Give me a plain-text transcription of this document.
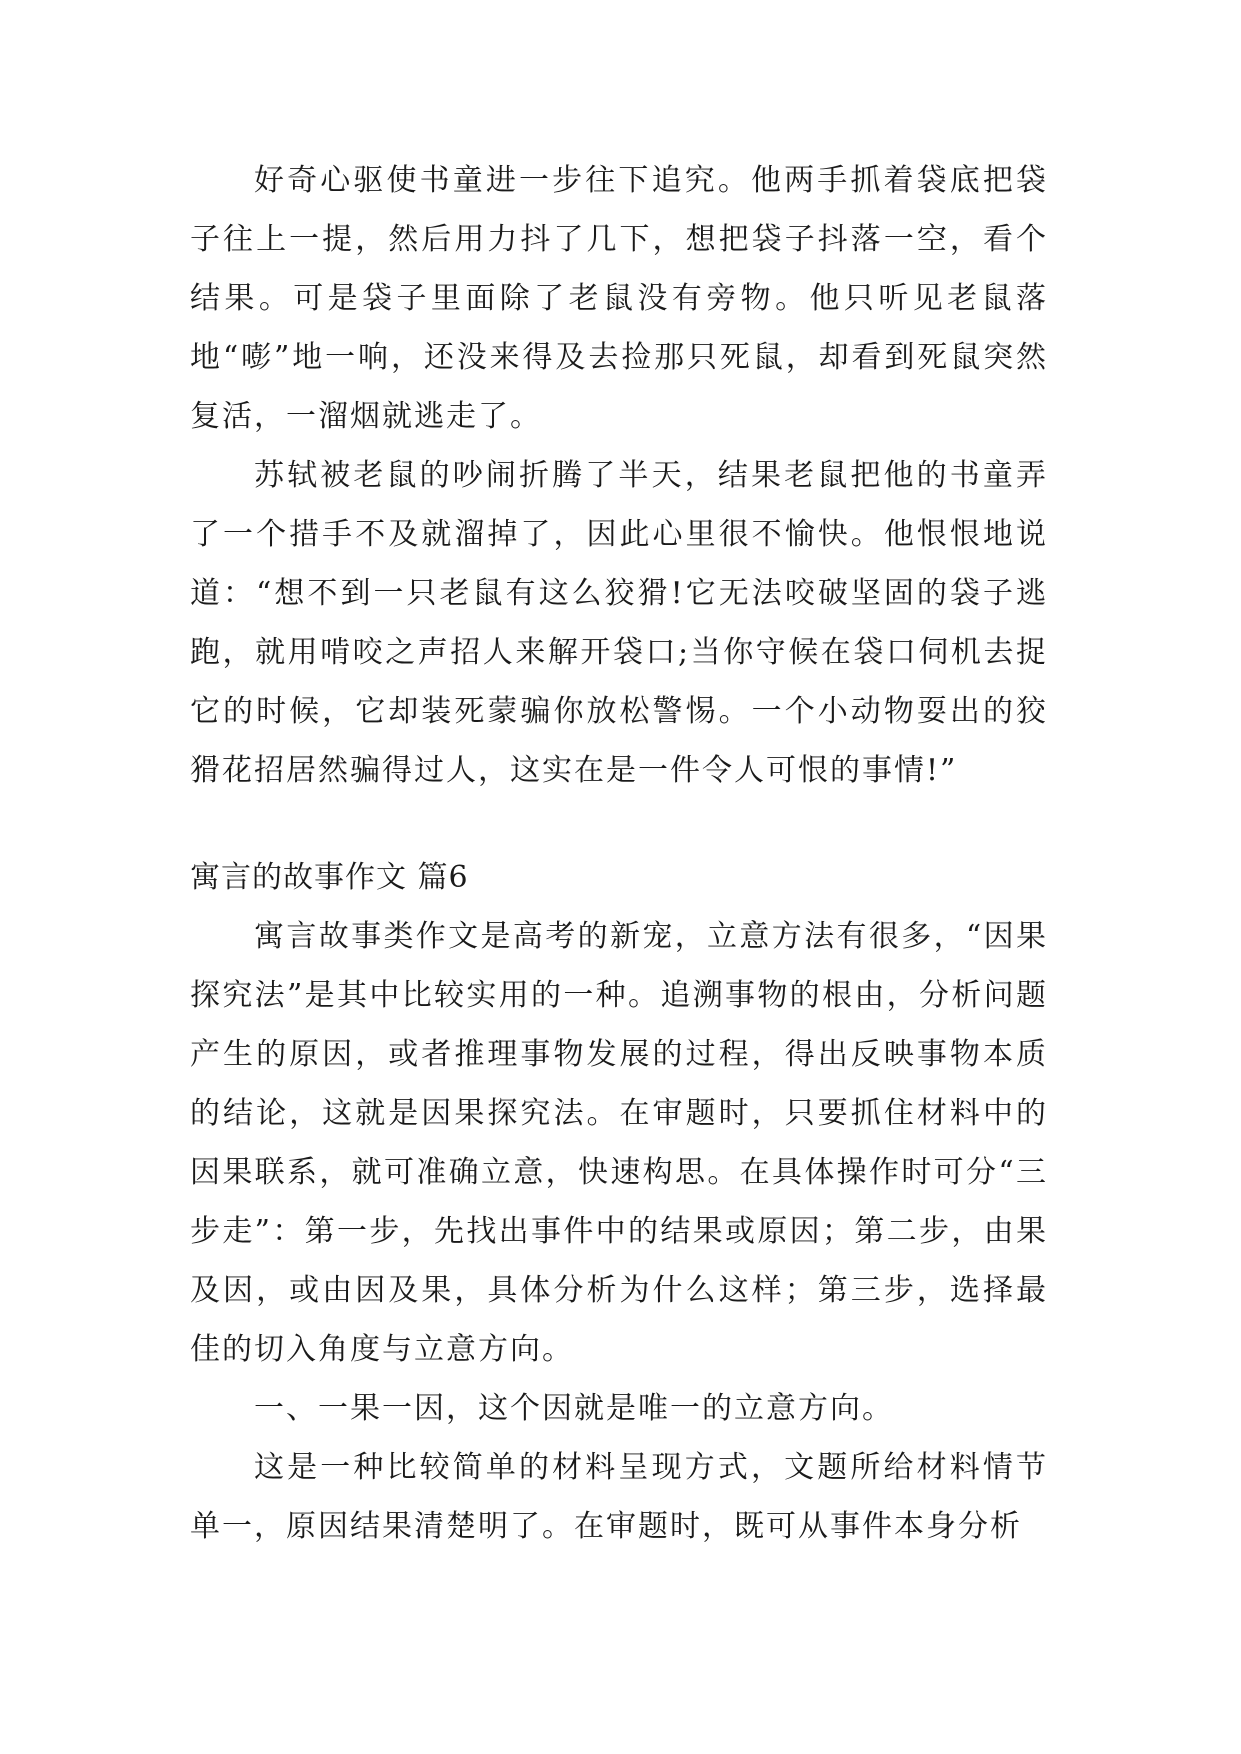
好奇心驱使书童进一步往下追究。他两手抓着袋底把袋子往上一提，然后用力抖了几下，想把袋子抖落一空，看个结果。可是袋子里面除了老鼠没有旁物。他只听见老鼠落地“嘭”地一响，还没来得及去捡那只死鼠，却看到死鼠突然复活，一溜烟就逃走了。

苏轼被老鼠的吵闹折腾了半天，结果老鼠把他的书童弄了一个措手不及就溜掉了，因此心里很不愉快。他恨恨地说道：“想不到一只老鼠有这么狡猾!它无法咬破坚固的袋子逃跑，就用啃咬之声招人来解开袋口;当你守候在袋口伺机去捉它的时候，它却装死蒙骗你放松警惕。一个小动物耍出的狡猾花招居然骗得过人，这实在是一件令人可恨的事情!”

寓言的故事作文 篇6

寓言故事类作文是高考的新宠，立意方法有很多，“因果探究法”是其中比较实用的一种。追溯事物的根由，分析问题产生的原因，或者推理事物发展的过程，得出反映事物本质的结论，这就是因果探究法。在审题时，只要抓住材料中的因果联系，就可准确立意，快速构思。在具体操作时可分“三步走”：第一步，先找出事件中的结果或原因；第二步，由果及因，或由因及果，具体分析为什么这样；第三步，选择最佳的切入角度与立意方向。

一、一果一因，这个因就是唯一的立意方向。

这是一种比较简单的材料呈现方式，文题所给材料情节单一，原因结果清楚明了。在审题时，既可从事件本身分析
